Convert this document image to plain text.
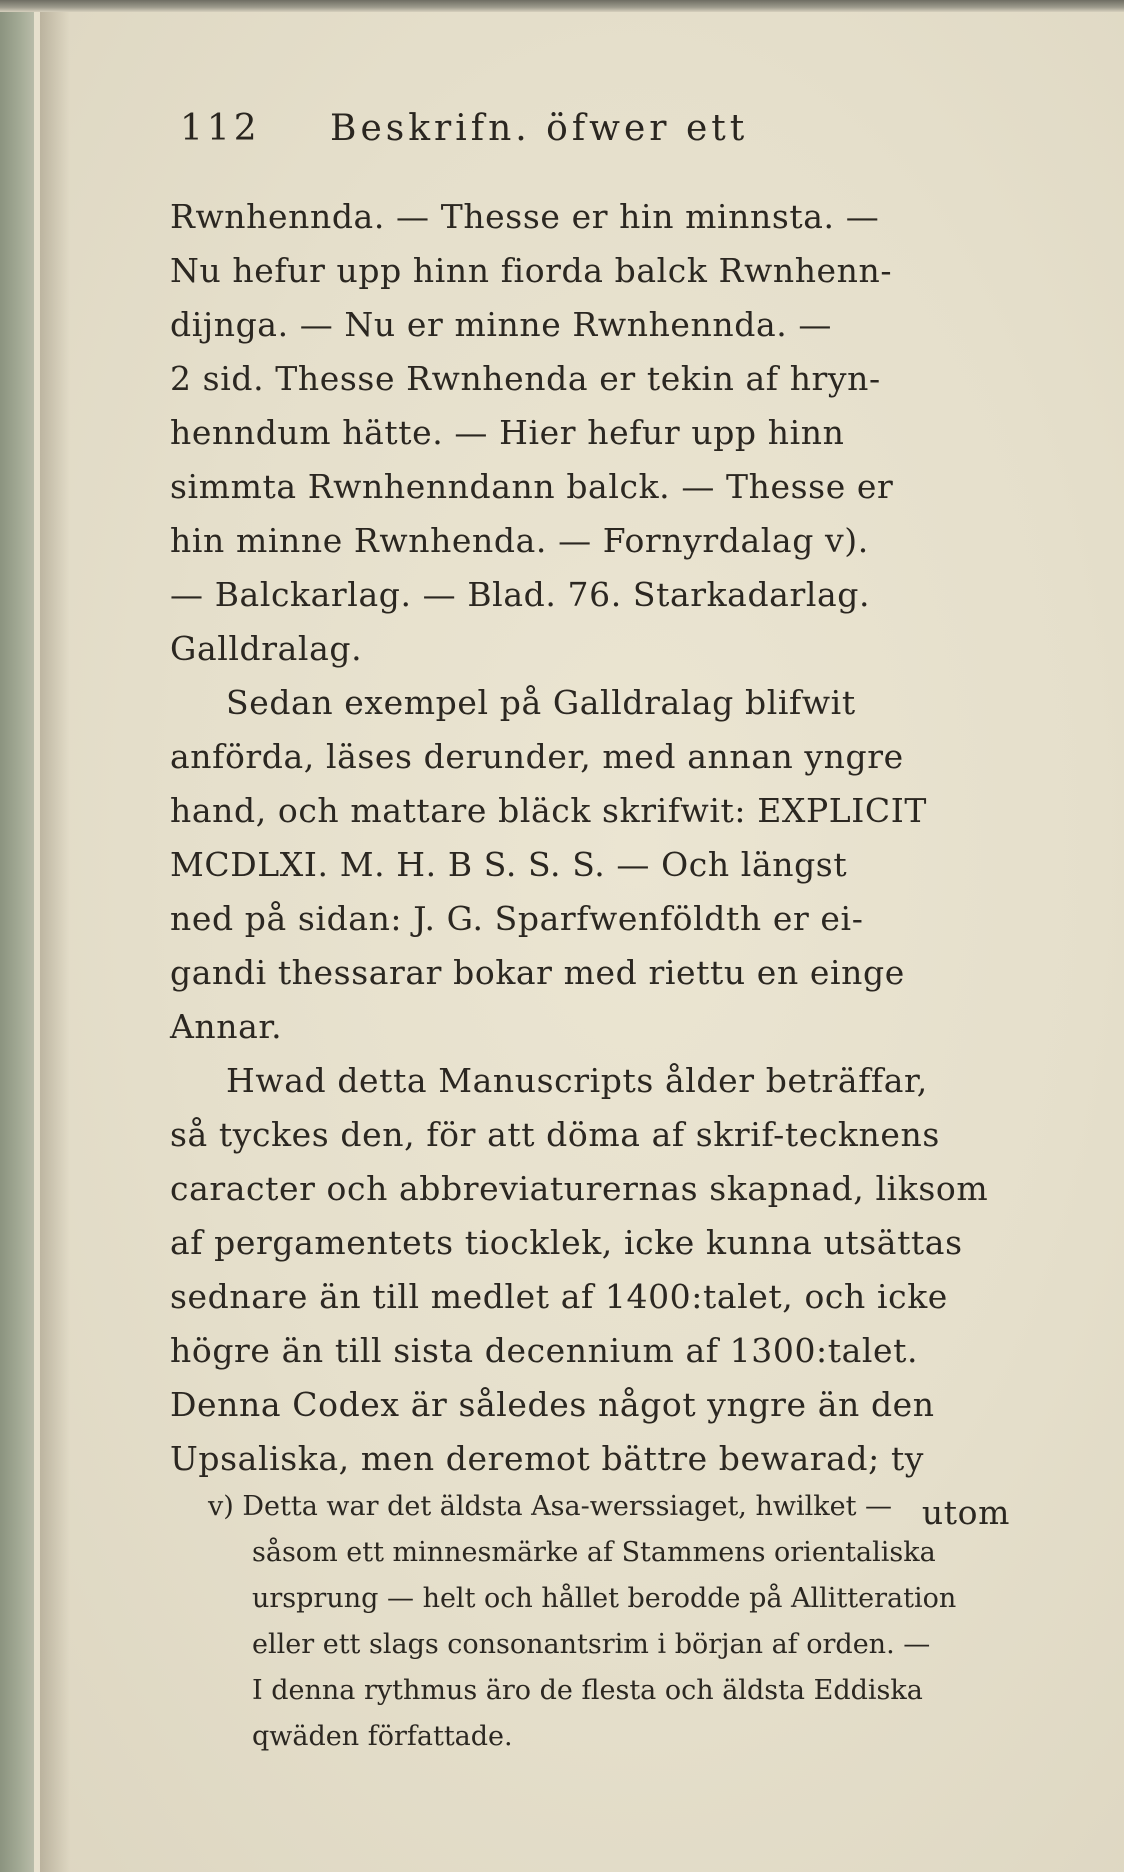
112 Beskrifn. öfwer ett
Rwnhennda. — Thesse er hin minnsta. —
Nu hefur upp hinn fiorda balck Rwnhenn-
dijnga. — Nu er minne Rwnhennda. —
2 sid. Thesse Rwnhenda er tekin af hryn-
henndum hätte. — Hier hefur upp hinn
simmta Rwnhenndann balck. — Thesse er
hin minne Rwnhenda. — Fornyrdalag v).
— Balckarlag. — Blad. 76. Starkadarlag.
Galldralag.
Sedan exempel på Galldralag blifwit
anförda, läses derunder, med annan yngre
hand, och mattare bläck skrifwit: EXPLICIT
MCDLXI. M. H. B S. S. S. — Och längst
ned på sidan: J. G. Sparfwenföldth er ei-
gandi thessarar bokar med riettu en einge
Annar.
Hwad detta Manuscripts ålder beträffar,
så tyckes den, för att döma af skrif-tecknens
caracter och abbreviaturernas skapnad, liksom
af pergamentets tiocklek, icke kunna utsättas
sednare än till medlet af 1400:talet, och icke
högre än till sista decennium af 1300:talet.
Denna Codex är således något yngre än den
Upsaliska, men deremot bättre bewarad; ty
utom
v) Detta war det äldsta Asa-werssiaget, hwilket —
såsom ett minnesmärke af Stammens orientaliska
ursprung — helt och hållet berodde på Allitteration
eller ett slags consonantsrim i början af orden. —
I denna rythmus äro de flesta och äldsta Eddiska
qwäden författade.
